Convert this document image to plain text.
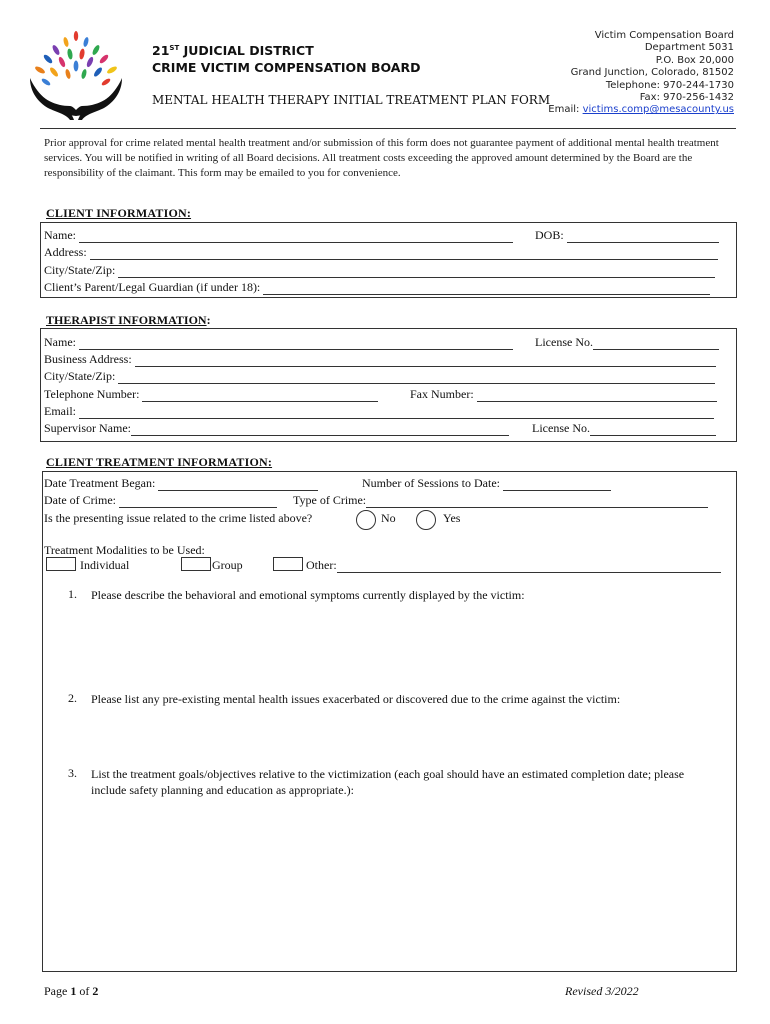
21ST JUDICIAL DISTRICT
CRIME VICTIM COMPENSATION BOARD
MENTAL HEALTH THERAPY INITIAL TREATMENT PLAN FORM
Victim Compensation Board
Department 5031
P.O. Box 20,000
Grand Junction, Colorado, 81502
Telephone: 970-244-1730
Fax: 970-256-1432
Email: victims.comp@mesacounty.us
Prior approval for crime related mental health treatment and/or submission of this form does not guarantee payment of additional mental health treatment services. You will be notified in writing of all Board decisions. All treatment costs exceeding the approved amount determined by the Board are the responsibility of the claimant. This form may be emailed to you for convenience.
CLIENT INFORMATION:
Name:	DOB:
Address:
City/State/Zip:
Client’s Parent/Legal Guardian (if under 18):
THERAPIST INFORMATION:
Name:	License No.
Business Address:
City/State/Zip:
Telephone Number:	Fax Number:
Email:
Supervisor Name:	License No.
CLIENT TREATMENT INFORMATION:
Date Treatment Began:	Number of Sessions to Date:
Date of Crime:	Type of Crime:
Is the presenting issue related to the crime listed above?	No	Yes
Treatment Modalities to be Used:
Individual	Group	Other:
1. Please describe the behavioral and emotional symptoms currently displayed by the victim:
2. Please list any pre-existing mental health issues exacerbated or discovered due to the crime against the victim:
3. List the treatment goals/objectives relative to the victimization (each goal should have an estimated completion date; please include safety planning and education as appropriate.):
Page 1 of 2	Revised 3/2022
